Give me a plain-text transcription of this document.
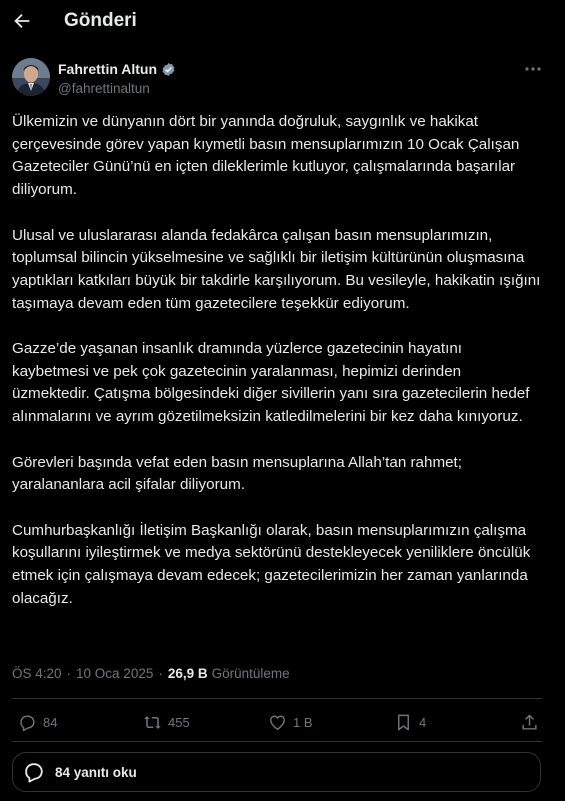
Gönderi
Fahrettin Altun
@fahrettinaltun

Ülkemizin ve dünyanın dört bir yanında doğruluk, saygınlık ve hakikat çerçevesinde görev yapan kıymetli basın mensuplarımızın 10 Ocak Çalışan Gazeteciler Günü’nü en içten dileklerimle kutluyor, çalışmalarında başarılar diliyorum.

Ulusal ve uluslararası alanda fedakârca çalışan basın mensuplarımızın, toplumsal bilincin yükselmesine ve sağlıklı bir iletişim kültürünün oluşmasına yaptıkları katkıları büyük bir takdirle karşılıyorum. Bu vesileyle, hakikatin ışığını taşımaya devam eden tüm gazetecilere teşekkür ediyorum.

Gazze’de yaşanan insanlık dramında yüzlerce gazetecinin hayatını kaybetmesi ve pek çok gazetecinin yaralanması, hepimizi derinden üzmektedir. Çatışma bölgesindeki diğer sivillerin yanı sıra gazetecilerin hedef alınmalarını ve ayrım gözetilmeksizin katledilmelerini bir kez daha kınıyoruz.

Görevleri başında vefat eden basın mensuplarına Allah’tan rahmet; yaralananlara acil şifalar diliyorum.

Cumhurbaşkanlığı İletişim Başkanlığı olarak, basın mensuplarımızın çalışma koşullarını iyileştirmek ve medya sektörünü destekleyecek yeniliklere öncülük etmek için çalışmaya devam edecek; gazetecilerimizin her zaman yanlarında olacağız.

ÖS 4:20 · 10 Oca 2025 · 26,9 B Görüntüleme
84	455	1 B	4
84 yanıtı oku
